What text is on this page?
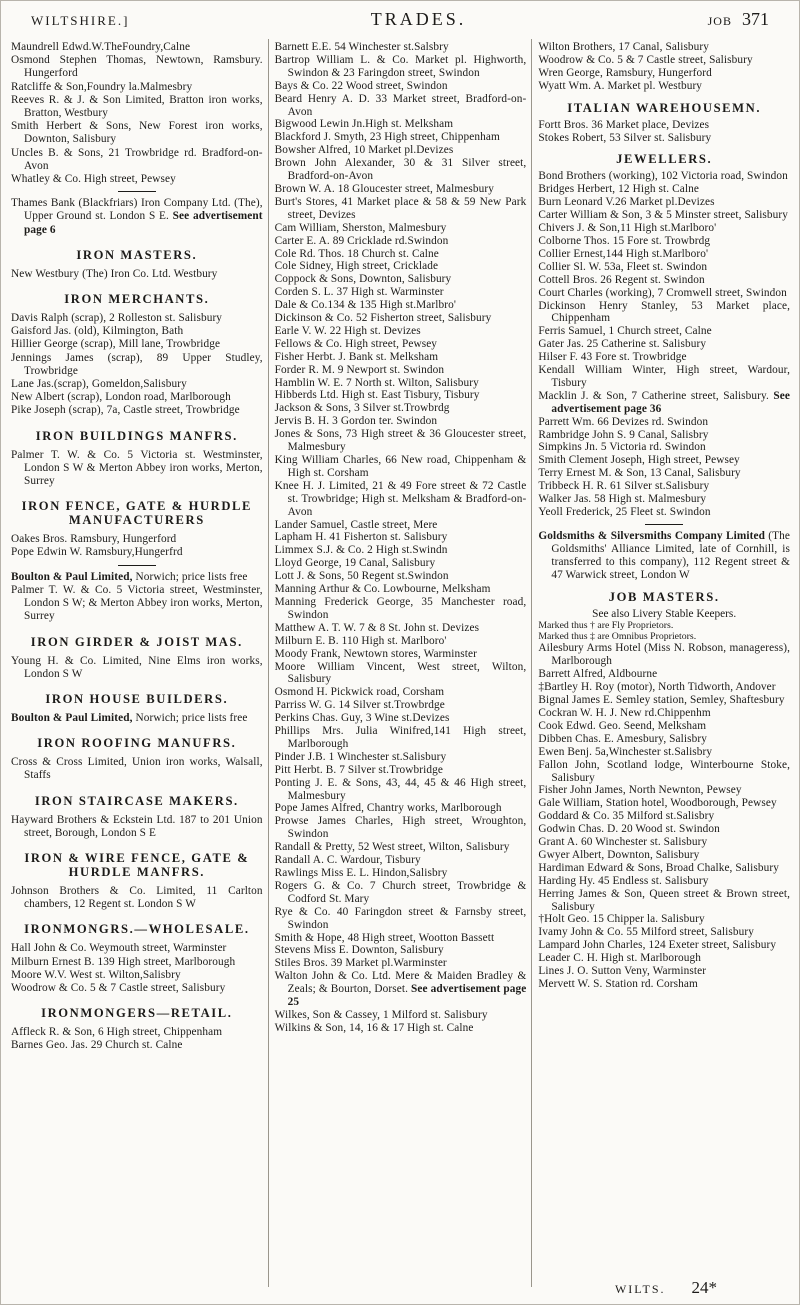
WILTSHIRE.]	TRADES.	JOB 371
Maundrell Edwd.W.TheFoundry,Calne
Osmond Stephen Thomas, Newtown, Ramsbury. Hungerford
Ratcliffe & Son,Foundry la.Malmesbry
Reeves R. & J. & Son Limited, Bratton iron works, Bratton, Westbury
Smith Herbert & Sons, New Forest iron works, Downton, Salisbury
Uncles B. & Sons, 21 Trowbridge rd. Bradford-on-Avon
Whatley & Co. High street, Pewsey
Thames Bank (Blackfriars) Iron Company Ltd. (The), Upper Ground st. London S E. See advertisement page 6
IRON MASTERS.
New Westbury (The) Iron Co. Ltd. Westbury
IRON MERCHANTS.
Davis Ralph (scrap), 2 Rolleston st. Salisbury
Gaisford Jas. (old), Kilmington, Bath
Hillier George (scrap), Mill lane, Trowbridge
Jennings James (scrap), 89 Upper Studley, Trowbridge
Lane Jas.(scrap), Gomeldon,Salisbury
New Albert (scrap), London road, Marlborough
Pike Joseph (scrap), 7a, Castle street, Trowbridge
IRON BUILDINGS MANFRS.
Palmer T. W. & Co. 5 Victoria st. Westminster, London S W & Merton Abbey iron works, Merton, Surrey
IRON FENCE, GATE & HURDLE MANUFACTURERS
Oakes Bros. Ramsbury, Hungerford
Pope Edwin W. Ramsbury,Hungerfrd
Boulton & Paul Limited, Norwich; price lists free
Palmer T. W. & Co. 5 Victoria street, Westminster, London S W; & Merton Abbey iron works, Merton, Surrey
IRON GIRDER & JOIST MAS.
Young H. & Co. Limited, Nine Elms iron works, London S W
IRON HOUSE BUILDERS.
Boulton & Paul Limited, Norwich; price lists free
IRON ROOFING MANUFRS.
Cross & Cross Limited, Union iron works, Walsall, Staffs
IRON STAIRCASE MAKERS.
Hayward Brothers & Eckstein Ltd. 187 to 201 Union street, Borough, London S E
IRON & WIRE FENCE, GATE & HURDLE MANFRS.
Johnson Brothers & Co. Limited, 11 Carlton chambers, 12 Regent st. London S W
IRONMONGRS.—WHOLESALE.
Hall John & Co. Weymouth street, Warminster
Milburn Ernest B. 139 High street, Marlborough
Moore W.V. West st. Wilton,Salisbry
Woodrow & Co. 5 & 7 Castle street, Salisbury
IRONMONGERS—RETAIL.
Affleck R. & Son, 6 High street, Chippenham
Barnes Geo. Jas. 29 Church st. Calne
Barnett E.E. 54 Winchester st.Salsbry
Bartrop William L. & Co. Market pl. Highworth, Swindon & 23 Faringdon street, Swindon
Bays & Co. 22 Wood street, Swindon
Beard Henry A. D. 33 Market street, Bradford-on-Avon
Bigwood Lewin Jn.High st. Melksham
Blackford J. Smyth, 23 High street, Chippenham
Bowsher Alfred, 10 Market pl.Devizes
Brown John Alexander, 30 & 31 Silver street, Bradford-on-Avon
Brown W. A. 18 Gloucester street, Malmesbury
Burt's Stores, 41 Market place & 58 & 59 New Park street, Devizes
Cam William, Sherston, Malmesbury
Carter E. A. 89 Cricklade rd.Swindon
Cole Rd. Thos. 18 Church st. Calne
Cole Sidney, High street, Cricklade
Coppock & Sons, Downton, Salisbury
Corden S. L. 37 High st. Warminster
Dale & Co.134 & 135 High st.Marlbro'
Dickinson & Co. 52 Fisherton street, Salisbury
Earle V. W. 22 High st. Devizes
Fellows & Co. High street, Pewsey
Fisher Herbt. J. Bank st. Melksham
Forder R. M. 9 Newport st. Swindon
Hamblin W. E. 7 North st. Wilton, Salisbury
Hibberds Ltd. High st. East Tisbury, Tisbury
Jackson & Sons, 3 Silver st.Trowbrdg
Jervis B. H. 3 Gordon ter. Swindon
Jones & Sons, 73 High street & 36 Gloucester street, Malmesbury
King William Charles, 66 New road, Chippenham & High st. Corsham
Knee H. J. Limited, 21 & 49 Fore street & 72 Castle st. Trowbridge; High st. Melksham & Bradford-on-Avon
Lander Samuel, Castle street, Mere
Lapham H. 41 Fisherton st. Salisbury
Limmex S.J. & Co. 2 High st.Swindn
Lloyd George, 19 Canal, Salisbury
Lott J. & Sons, 50 Regent st.Swindon
Manning Arthur & Co. Lowbourne, Melksham
Manning Frederick George, 35 Manchester road, Swindon
Matthew A. T. W. 7 & 8 St. John st. Devizes
Milburn E. B. 110 High st. Marlboro'
Moody Frank, Newtown stores, Warminster
Moore William Vincent, West street, Wilton, Salisbury
Osmond H. Pickwick road, Corsham
Parriss W. G. 14 Silver st.Trowbrdge
Perkins Chas. Guy, 3 Wine st.Devizes
Phillips Mrs. Julia Winifred,141 High street, Marlborough
Pinder J.B. 1 Winchester st.Salisbury
Pitt Herbt. B. 7 Silver st.Trowbridge
Ponting J. E. & Sons, 43, 44, 45 & 46 High street, Malmesbury
Pope James Alfred, Chantry works, Marlborough
Prowse James Charles, High street, Wroughton, Swindon
Randall & Pretty, 52 West street, Wilton, Salisbury
Randall A. C. Wardour, Tisbury
Rawlings Miss E. L. Hindon,Salisbry
Rogers G. & Co. 7 Church street, Trowbridge & Codford St. Mary
Rye & Co. 40 Faringdon street & Farnsby street, Swindon
Smith & Hope, 48 High street, Wootton Bassett
Stevens Miss E. Downton, Salisbury
Stiles Bros. 39 Market pl.Warminster
Walton John & Co. Ltd. Mere & Maiden Bradley & Zeals; & Bourton, Dorset. See advertisement page 25
Wilkes, Son & Cassey, 1 Milford st. Salisbury
Wilkins & Son, 14, 16 & 17 High st. Calne
Wilton Brothers, 17 Canal, Salisbury
Woodrow & Co. 5 & 7 Castle street, Salisbury
Wren George, Ramsbury, Hungerford
Wyatt Wm. A. Market pl. Westbury
ITALIAN WAREHOUSEMN.
Fortt Bros. 36 Market place, Devizes
Stokes Robert, 53 Silver st. Salisbury
JEWELLERS.
Bond Brothers (working), 102 Victoria road, Swindon
Bridges Herbert, 12 High st. Calne
Burn Leonard V.26 Market pl.Devizes
Carter William & Son, 3 & 5 Minster street, Salisbury
Chivers J. & Son,11 High st.Marlboro'
Colborne Thos. 15 Fore st. Trowbrdg
Collier Ernest,144 High st.Marlboro'
Collier Sl. W. 53a, Fleet st. Swindon
Cottell Bros. 26 Regent st. Swindon
Court Charles (working), 7 Cromwell street, Swindon
Dickinson Henry Stanley, 53 Market place, Chippenham
Ferris Samuel, 1 Church street, Calne
Gater Jas. 25 Catherine st. Salisbury
Hilser F. 43 Fore st. Trowbridge
Kendall William Winter, High street, Wardour, Tisbury
Macklin J. & Son, 7 Catherine street, Salisbury. See advertisement page 36
Parrett Wm. 66 Devizes rd. Swindon
Rambridge John S. 9 Canal, Salisbry
Simpkins Jn. 5 Victoria rd. Swindon
Smith Clement Joseph, High street, Pewsey
Terry Ernest M. & Son, 13 Canal, Salisbury
Tribbeck H. R. 61 Silver st.Salisbury
Walker Jas. 58 High st. Malmesbury
Yeoll Frederick, 25 Fleet st. Swindon
Goldsmiths & Silversmiths Company Limited (The Goldsmiths' Alliance Limited, late of Cornhill, is transferred to this company), 112 Regent street & 47 Warwick street, London W
JOB MASTERS.
See also Livery Stable Keepers.
Marked thus † are Fly Proprietors.
Marked thus ‡ are Omnibus Proprietors.
Ailesbury Arms Hotel (Miss N. Robson, manageress), Marlborough
Barrett Alfred, Aldbourne
‡Bartley H. Roy (motor), North Tidworth, Andover
Bignal James E. Semley station, Semley, Shaftesbury
Cockran W. H. J. New rd.Chippenhm
Cook Edwd. Geo. Seend, Melksham
Dibben Chas. E. Amesbury, Salisbry
Ewen Benj. 5a,Winchester st.Salisbry
Fallon John, Scotland lodge, Winterbourne Stoke, Salisbury
Fisher John James, North Newnton, Pewsey
Gale William, Station hotel, Woodborough, Pewsey
Goddard & Co. 35 Milford st.Salisbry
Godwin Chas. D. 20 Wood st. Swindon
Grant A. 60 Winchester st. Salisbury
Gwyer Albert, Downton, Salisbury
Hardiman Edward & Sons, Broad Chalke, Salisbury
Harding Hy. 45 Endless st. Salisbury
Herring James & Son, Queen street & Brown street, Salisbury
†Holt Geo. 15 Chipper la. Salisbury
Ivamy John & Co. 55 Milford street, Salisbury
Lampard John Charles, 124 Exeter street, Salisbury
Leader C. H. High st. Marlborough
Lines J. O. Sutton Veny, Warminster
Mervett W. S. Station rd. Corsham
WILTS. 24*
